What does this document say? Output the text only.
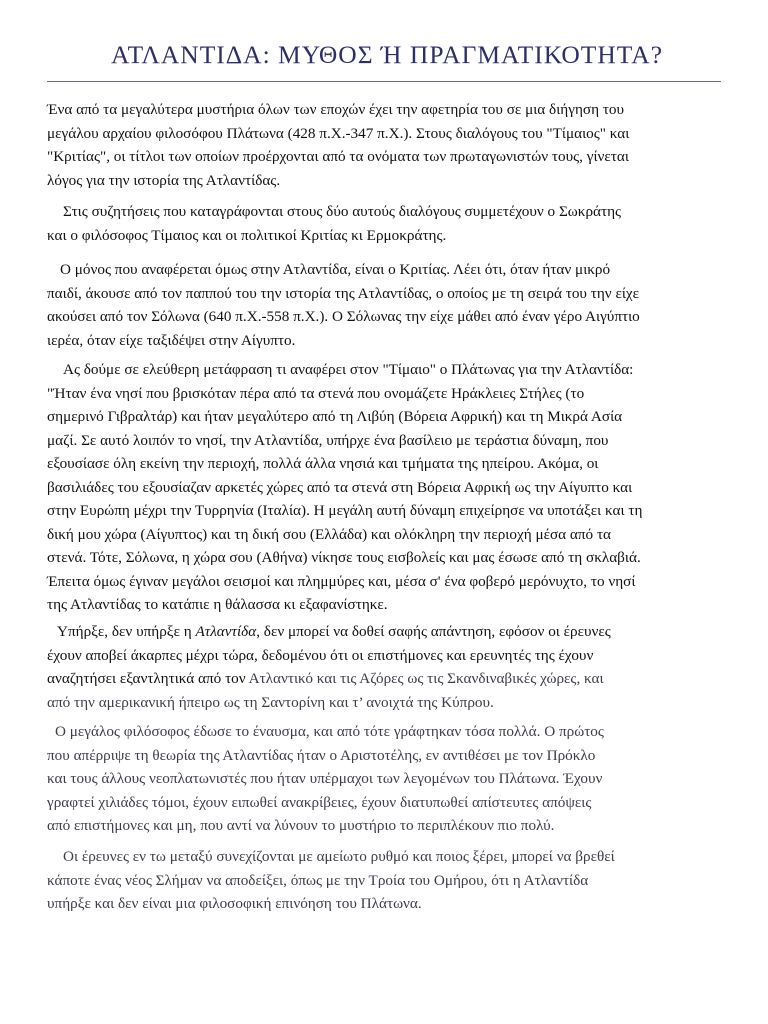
ΑΤΛΑΝΤΙΔΑ: ΜΥΘΟΣ Ή ΠΡΑΓΜΑΤΙΚΟΤΗΤΑ?
Ένα από τα μεγαλύτερα μυστήρια όλων των εποχών έχει την αφετηρία του σε μια διήγηση του
μεγάλου αρχαίου φιλοσόφου Πλάτωνα (428 π.Χ.-347 π.Χ.). Στους διαλόγους του "Τίμαιος" και
"Κριτίας", οι τίτλοι των οποίων προέρχονται από τα ονόματα των πρωταγωνιστών τους, γίνεται
λόγος για την ιστορία της Ατλαντίδας.
Στις συζητήσεις που καταγράφονται στους δύο αυτούς διαλόγους συμμετέχουν ο Σωκράτης
και ο φιλόσοφος Τίμαιος και οι πολιτικοί Κριτίας κι Ερμοκράτης.
Ο μόνος που αναφέρεται όμως στην Ατλαντίδα, είναι ο Κριτίας. Λέει ότι, όταν ήταν μικρό
παιδί, άκουσε από τον παππού του την ιστορία της Ατλαντίδας, ο οποίος με τη σειρά του την είχε
ακούσει από τον Σόλωνα (640 π.Χ.-558 π.Χ.). Ο Σόλωνας την είχε μάθει από έναν γέρο Αιγύπτιο
ιερέα, όταν είχε ταξιδέψει στην Αίγυπτο.
Ας δούμε σε ελεύθερη μετάφραση τι αναφέρει στον "Τίμαιο" ο Πλάτωνας για την Ατλαντίδα:
"Ήταν ένα νησί που βρισκόταν πέρα από τα στενά που ονομάζετε Ηράκλειες Στήλες (το
σημερινό Γιβραλτάρ) και ήταν μεγαλύτερο από τη Λιβύη (Βόρεια Αφρική) και τη Μικρά Ασία
μαζί. Σε αυτό λοιπόν το νησί, την Ατλαντίδα, υπήρχε ένα βασίλειο με τεράστια δύναμη, που
εξουσίασε όλη εκείνη την περιοχή, πολλά άλλα νησιά και τμήματα της ηπείρου. Ακόμα, οι
βασιλιάδες του εξουσίαζαν αρκετές χώρες από τα στενά στη Βόρεια Αφρική ως την Αίγυπτο και
στην Ευρώπη μέχρι την Τυρρηνία (Ιταλία). Η μεγάλη αυτή δύναμη επιχείρησε να υποτάξει και τη
δική μου χώρα (Αίγυπτος) και τη δική σου (Ελλάδα) και ολόκληρη την περιοχή μέσα από τα
στενά. Τότε, Σόλωνα, η χώρα σου (Αθήνα) νίκησε τους εισβολείς και μας έσωσε από τη σκλαβιά.
Έπειτα όμως έγιναν μεγάλοι σεισμοί και πλημμύρες και, μέσα σ' ένα φοβερό μερόνυχτο, το νησί
της Ατλαντίδας το κατάπιε η θάλασσα κι εξαφανίστηκε.
Υπήρξε, δεν υπήρξε η Ατλαντίδα, δεν μπορεί να δοθεί σαφής απάντηση, εφόσον οι έρευνες
έχουν αποβεί άκαρπες μέχρι τώρα, δεδομένου ότι οι επιστήμονες και ερευνητές της έχουν
αναζητήσει εξαντλητικά από τον Ατλαντικό και τις Αζόρες ως τις Σκανδιναβικές χώρες, και
από την αμερικανική ήπειρο ως τη Σαντορίνη και τ’ ανοιχτά της Κύπρου.
Ο μεγάλος φιλόσοφος έδωσε το έναυσμα, και από τότε γράφτηκαν τόσα πολλά. Ο πρώτος
που απέρριψε τη θεωρία της Ατλαντίδας ήταν ο Αριστοτέλης, εν αντιθέσει με τον Πρόκλο
και τους άλλους νεοπλατωνιστές που ήταν υπέρμαχοι των λεγομένων του Πλάτωνα. Έχουν
γραφτεί χιλιάδες τόμοι, έχουν ειπωθεί ανακρίβειες, έχουν διατυπωθεί απίστευτες απόψεις
από επιστήμονες και μη, που αντί να λύνουν το μυστήριο το περιπλέκουν πιο πολύ.
Οι έρευνες εν τω μεταξύ συνεχίζονται με αμείωτο ρυθμό και ποιος ξέρει, μπορεί να βρεθεί
κάποτε ένας νέος Σλήμαν να αποδείξει, όπως με την Τροία του Ομήρου, ότι η Ατλαντίδα
υπήρξε και δεν είναι μια φιλοσοφική επινόηση του Πλάτωνα.
